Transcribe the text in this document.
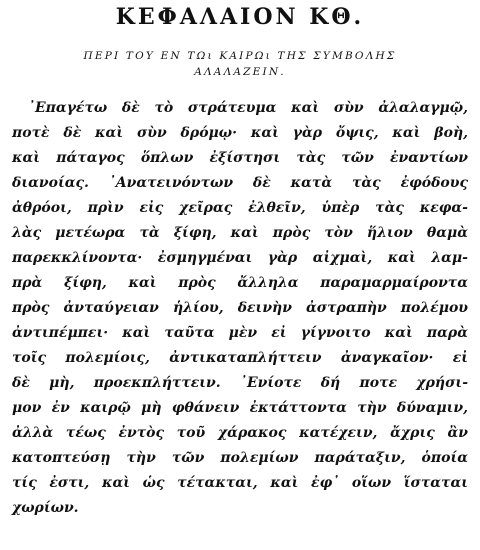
ΚΕΦΑΛΑΙΟΝ ΚΘ.
ΠΕΡΙ ΤΟΥ ΕΝ ΤΩι ΚΑΙΡΩι ΤΗΣ ΣΥΜΒΟΛΗΣ
ΑΛΑΛΑΖΕΙΝ.
᾿Επαγέτω δὲ τὸ στράτευμα καὶ σὺν ἀλαλαγμῷ,
ποτὲ δὲ καὶ σὺν δρόμῳ· καὶ γὰρ ὄψις, καὶ βοὴ,
καὶ πάταγος ὅπλων ἐξίστησι τὰς τῶν ἐναντίων
διανοίας. ᾿Ανατεινόντων δὲ κατὰ τὰς ἐφόδους
ἀθρόοι, πρὶν εἰς χεῖρας ἐλθεῖν, ὑπὲρ τὰς κεφα-
λὰς μετέωρα τὰ ξίφη, καὶ πρὸς τὸν ἥλιον θαμὰ
παρεκκλίνοντα· ἐσμηγμέναι γὰρ αἰχμαὶ, καὶ λαμ-
πρὰ ξίφη, καὶ πρὸς ἄλληλα παραμαρμαίροντα
πρὸς ἀνταύγειαν ἡλίου, δεινὴν ἀστραπὴν πολέμου
ἀντιπέμπει· καὶ ταῦτα μὲν εἰ γίγνοιτο καὶ παρὰ
τοῖς πολεμίοις, ἀντικαταπλήττειν ἀναγκαῖον· εἰ
δὲ μὴ, προεκπλήττειν. ᾿Ενίοτε δή ποτε χρήσι-
μον ἐν καιρῷ μὴ φθάνειν ἐκτάττοντα τὴν δύναμιν,
ἀλλὰ τέως ἐντὸς τοῦ χάρακος κατέχειν, ἄχρις ἂν
κατοπτεύσῃ τὴν τῶν πολεμίων παράταξιν, ὁποία
τίς ἐστι, καὶ ὡς τέτακται, καὶ ἐφ᾿ οἵων ἵσταται
χωρίων.
